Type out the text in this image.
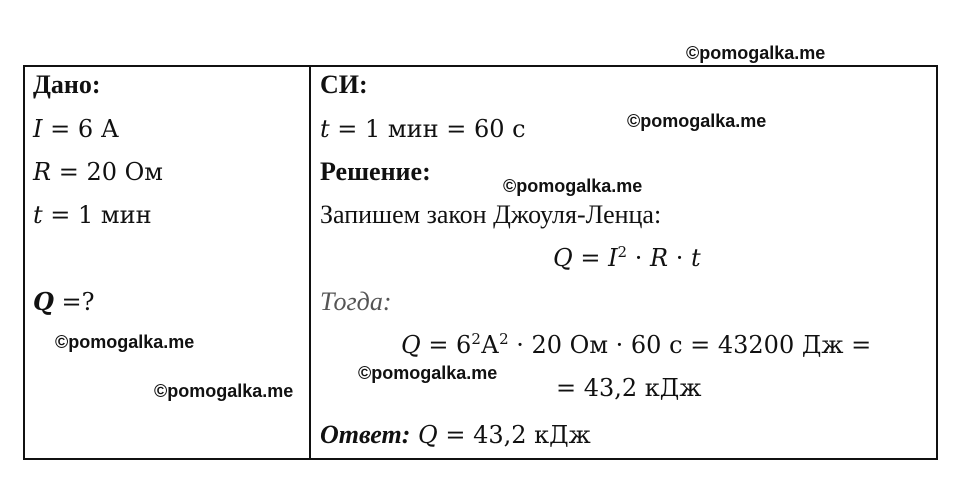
©pomogalka.me
©pomogalka.me
©pomogalka.me
©pomogalka.me
©pomogalka.me
©pomogalka.me
Дано:
I = 6 А
R = 20 Ом
t = 1 мин
Q =?
СИ:
t = 1 мин = 60 с
Решение:
Запишем закон Джоуля-Ленца:
$Q = I^2 \cdot R \cdot t$
Тогда:
$Q = 6^2А^2 \cdot 20$ Ом · 60 с = 43200 Дж =
= 43,2 кДж
Ответ: Q = 43,2 кДж
